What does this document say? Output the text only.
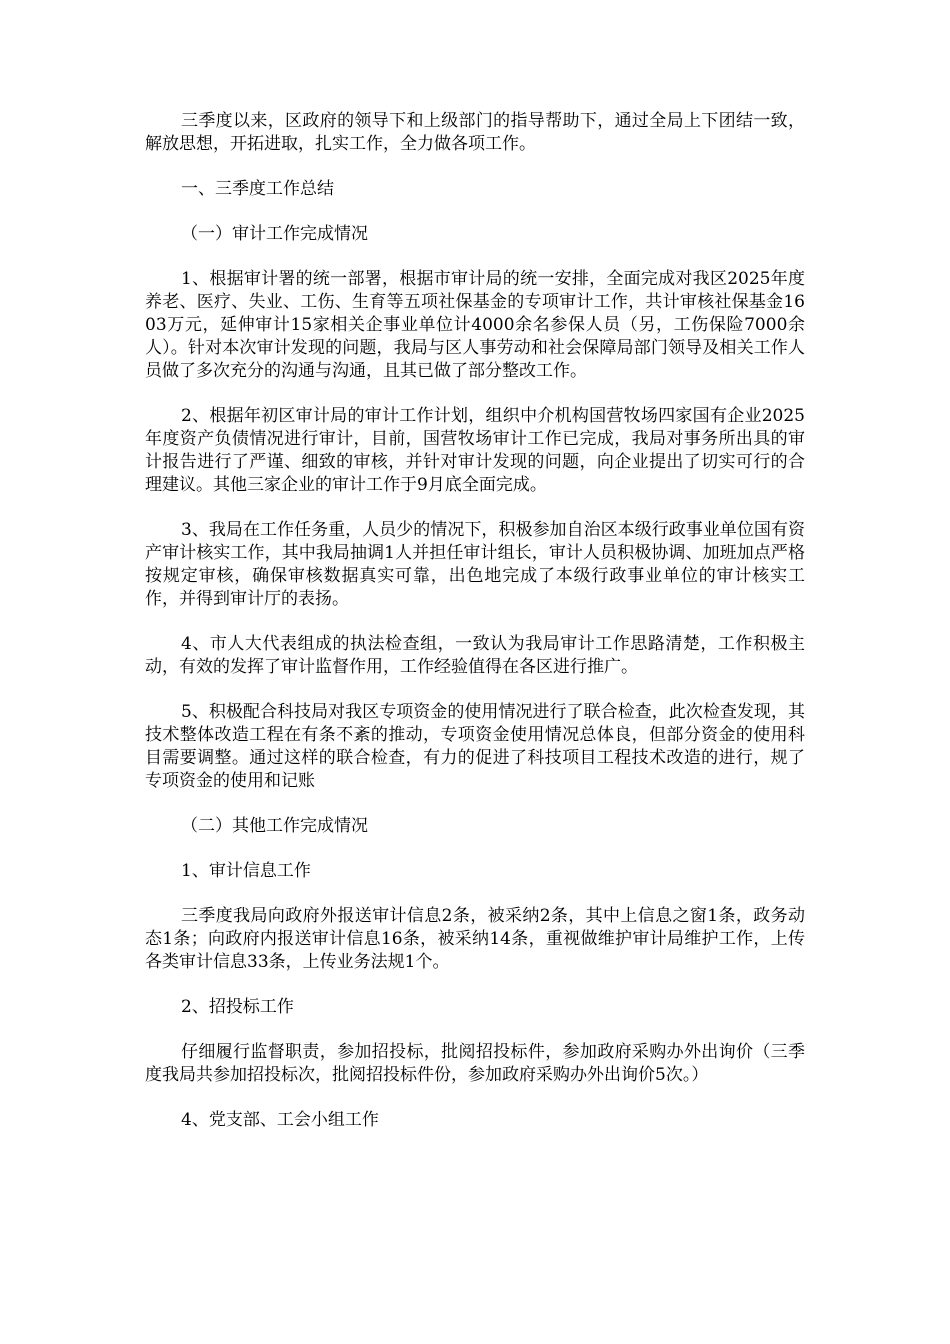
三季度以来，区政府的领导下和上级部门的指导帮助下，通过全局上下团结一致，解放思想，开拓进取，扎实工作，全力做各项工作。

一、三季度工作总结

（一）审计工作完成情况

1、根据审计署的统一部署，根据市审计局的统一安排，全面完成对我区2025年度养老、医疗、失业、工伤、生育等五项社保基金的专项审计工作，共计审核社保基金1603万元，延伸审计15家相关企事业单位计4000余名参保人员（另，工伤保险7000余人）。针对本次审计发现的问题，我局与区人事劳动和社会保障局部门领导及相关工作人员做了多次充分的沟通与沟通，且其已做了部分整改工作。

2、根据年初区审计局的审计工作计划，组织中介机构国营牧场四家国有企业2025年度资产负债情况进行审计，目前，国营牧场审计工作已完成，我局对事务所出具的审计报告进行了严谨、细致的审核，并针对审计发现的问题，向企业提出了切实可行的合理建议。其他三家企业的审计工作于9月底全面完成。

3、我局在工作任务重，人员少的情况下，积极参加自治区本级行政事业单位国有资产审计核实工作，其中我局抽调1人并担任审计组长，审计人员积极协调、加班加点严格按规定审核，确保审核数据真实可靠，出色地完成了本级行政事业单位的审计核实工作，并得到审计厅的表扬。

4、市人大代表组成的执法检查组，一致认为我局审计工作思路清楚，工作积极主动，有效的发挥了审计监督作用，工作经验值得在各区进行推广。

5、积极配合科技局对我区专项资金的使用情况进行了联合检查，此次检查发现，其技术整体改造工程在有条不紊的推动，专项资金使用情况总体良，但部分资金的使用科目需要调整。通过这样的联合检查，有力的促进了科技项目工程技术改造的进行，规了专项资金的使用和记账

（二）其他工作完成情况

1、审计信息工作

三季度我局向政府外报送审计信息2条，被采纳2条，其中上信息之窗1条，政务动态1条；向政府内报送审计信息16条，被采纳14条，重视做维护审计局维护工作，上传各类审计信息33条，上传业务法规1个。

2、招投标工作

仔细履行监督职责，参加招投标，批阅招投标件，参加政府采购办外出询价（三季度我局共参加招投标次，批阅招投标件份，参加政府采购办外出询价5次。）

4、党支部、工会小组工作
